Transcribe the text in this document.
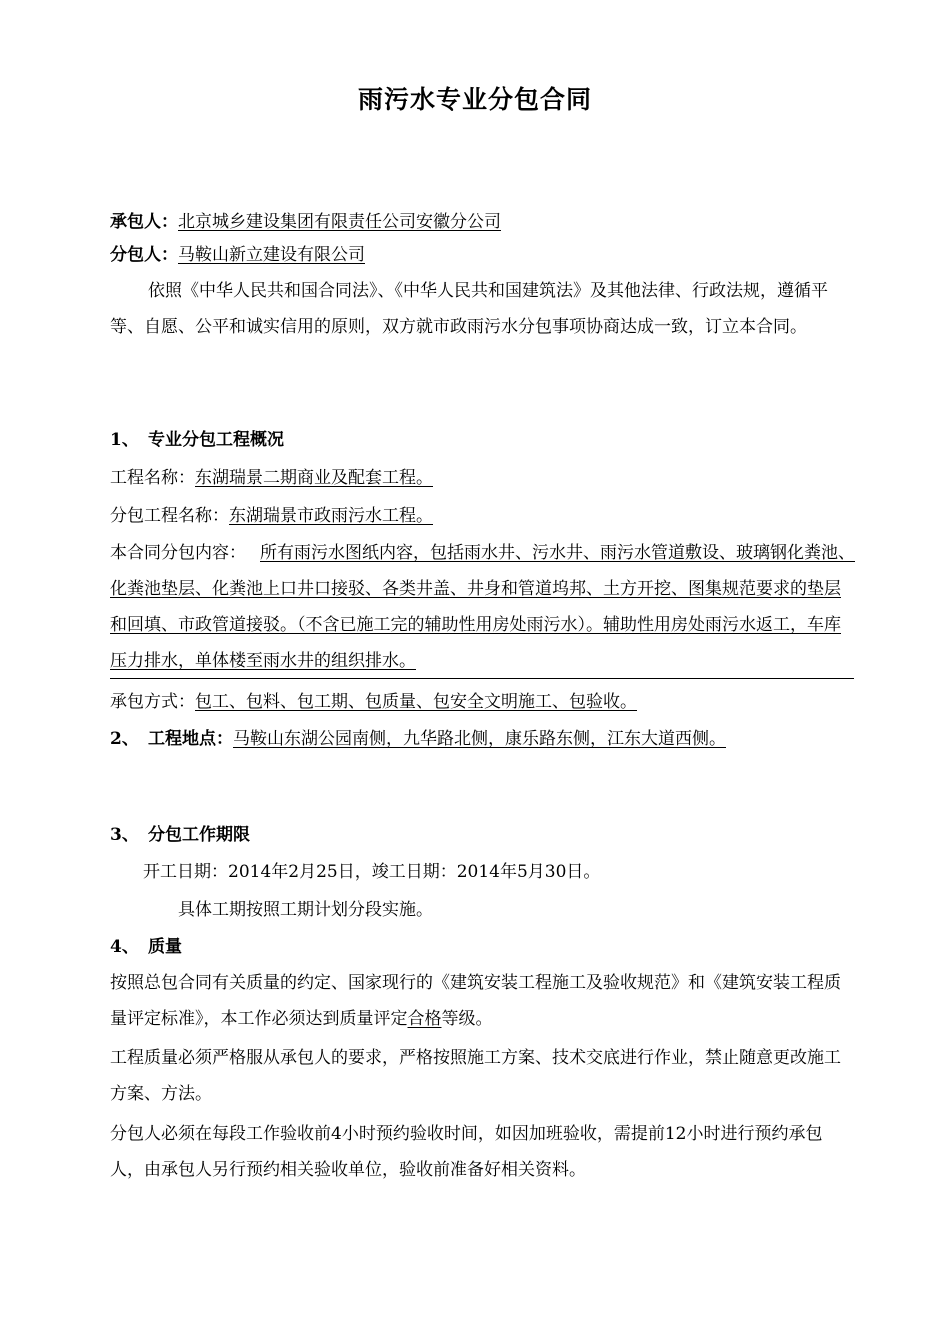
雨污水专业分包合同
承包人：北京城乡建设集团有限责任公司安徽分公司
分包人：马鞍山新立建设有限公司
依照《中华人民共和国合同法》、《中华人民共和国建筑法》及其他法律、行政法规，遵循平等、自愿、公平和诚实信用的原则，双方就市政雨污水分包事项协商达成一致，订立本合同。
1、 专业分包工程概况
工程名称：东湖瑞景二期商业及配套工程。
分包工程名称：东湖瑞景市政雨污水工程。
本合同分包内容： 所有雨污水图纸内容，包括雨水井、污水井、雨污水管道敷设、玻璃钢化粪池、化粪池垫层、化粪池上口井口接驳、各类井盖、井身和管道坞邦、土方开挖、图集规范要求的垫层和回填、市政管道接驳。（不含已施工完的辅助性用房处雨污水）。辅助性用房处雨污水返工，车库压力排水，单体楼至雨水井的组织排水。
承包方式：包工、包料、包工期、包质量、包安全文明施工、包验收。
2、 工程地点：马鞍山东湖公园南侧，九华路北侧，康乐路东侧，江东大道西侧。
3、 分包工作期限
开工日期：2014年2月25日，竣工日期：2014年5月30日。
具体工期按照工期计划分段实施。
4、 质量
按照总包合同有关质量的约定、国家现行的《建筑安装工程施工及验收规范》和《建筑安装工程质量评定标准》，本工作必须达到质量评定合格等级。
工程质量必须严格服从承包人的要求，严格按照施工方案、技术交底进行作业，禁止随意更改施工方案、方法。
分包人必须在每段工作验收前4小时预约验收时间，如因加班验收，需提前12小时进行预约承包人，由承包人另行预约相关验收单位，验收前准备好相关资料。
